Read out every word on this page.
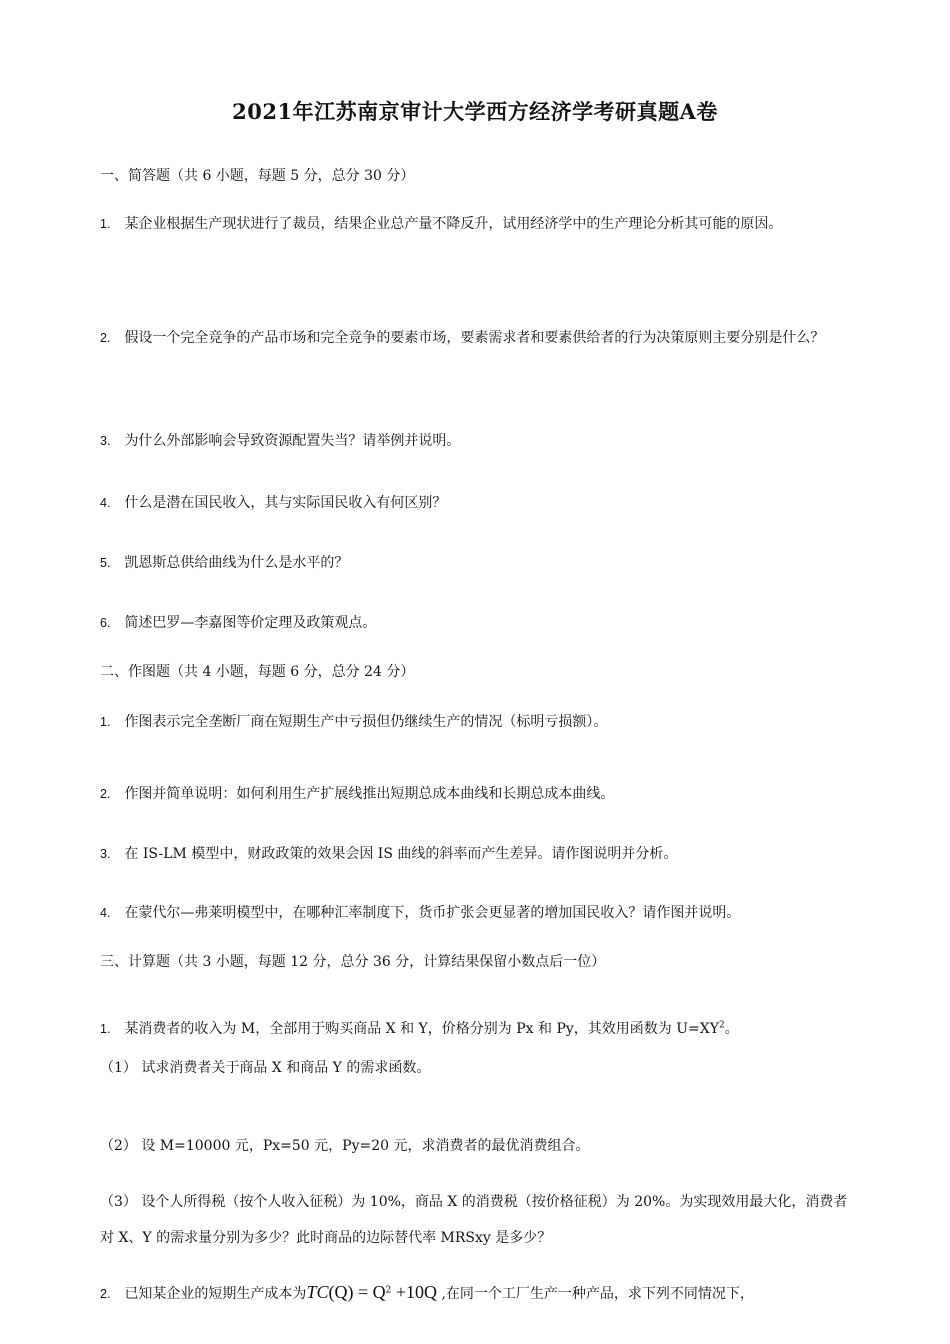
2021年江苏南京审计大学西方经济学考研真题A卷
一、简答题（共 6 小题，每题 5 分，总分 30 分）
1. 某企业根据生产现状进行了裁员，结果企业总产量不降反升，试用经济学中的生产理论分析其可能的原因。
2. 假设一个完全竞争的产品市场和完全竞争的要素市场，要素需求者和要素供给者的行为决策原则主要分别是什么？
3. 为什么外部影响会导致资源配置失当？请举例并说明。
4. 什么是潜在国民收入，其与实际国民收入有何区别？
5. 凯恩斯总供给曲线为什么是水平的？
6. 简述巴罗—李嘉图等价定理及政策观点。
二、作图题（共 4 小题，每题 6 分，总分 24 分）
1. 作图表示完全垄断厂商在短期生产中亏损但仍继续生产的情况（标明亏损额）。
2. 作图并简单说明：如何利用生产扩展线推出短期总成本曲线和长期总成本曲线。
3. 在 IS-LM 模型中，财政政策的效果会因 IS 曲线的斜率而产生差异。请作图说明并分析。
4. 在蒙代尔—弗莱明模型中，在哪种汇率制度下，货币扩张会更显著的增加国民收入？请作图并说明。
三、计算题（共 3 小题，每题 12 分，总分 36 分，计算结果保留小数点后一位）
1. 某消费者的收入为 M，全部用于购买商品 X 和 Y，价格分别为 Px 和 Py，其效用函数为 $U=XY^2$。
（1） 试求消费者关于商品 X 和商品 Y 的需求函数。
（2） 设 M=10000 元，Px=50 元，Py=20 元，求消费者的最优消费组合。
（3） 设个人所得税（按个人收入征税）为 10%，商品 X 的消费税（按价格征税）为 20%。为实现效用最大化，消费者对 X、Y 的需求量分别为多少？此时商品的边际替代率 MRSxy 是多少？
2. 已知某企业的短期生产成本为$TC(Q) = Q^2 +10Q$ ,在同一个工厂生产一种产品，求下列不同情况下，
